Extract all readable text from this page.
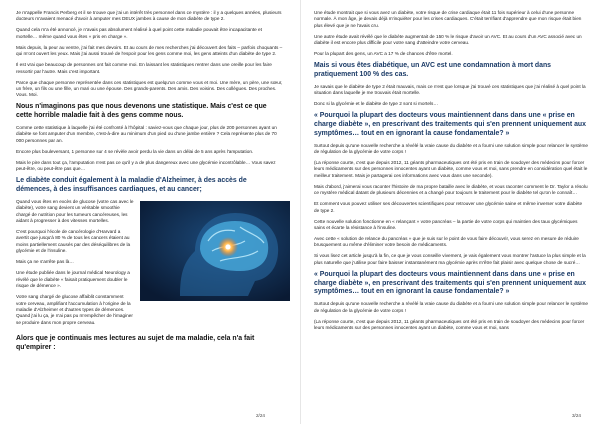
Je m'appelle Francis Perberg et il se trouve que j'ai un intérêt très personnel dans ce mystère : il y a quelques années, plusieurs docteurs m'avaient menacé d'avoir à amputer mes DEUX jambes à cause de mon diabète de type 2.

Quand cela m'a été annoncé, je n'avais pas absolument réalisé à quel point cette maladie pouvait être incapacitante et mortelle… même quand vous êtes « pris en charge ».

Mais depuis, la peur au ventre, j'ai fait mes devoirs. Et au cours de mes recherches j'ai découvert des faits – parfois choquants – qui m'ont ouvert les yeux. Mais j'ai aussi trouvé de l'espoir pour les gens comme moi, les gens atteints d'un diabète de type 2.

Il est vrai que beaucoup de personnes ont fait comme moi. En laissant les statistiques rentrer dans une oreille pour les faire ressortir par l'autre. Mais c'est important.

Parce que chaque personne représentée dans ces statistiques est quelqu'un comme vous et moi. Une mère, un père, une sœur, un frère, un fils ou une fille, un mari ou une épouse. Des grands-parents. Des amis. Des voisins. Des collègues. Des proches. Vous. Moi.

Nous n'imaginons pas que nous devenons une statistique. Mais c'est ce que cette horrible maladie fait à des gens comme nous.

Comme cette statistique à laquelle j'ai été confronté à l'hôpital : saviez-vous que chaque jour, plus de 200 personnes ayant un diabète se font amputer d'un membre, c'est-à-dire au minimum d'un pied ou d'une jambe entière ? Cela représente plus de 70 000 personnes par an.

Encore plus bouleversant, 1 personne sur 4 se révèle avoir perdu la vie dans un délai de 5 ans après l'amputation.

Mais le pire dans tout ça, l'amputation n'est pas ce qu'il y a de plus dangereux avec une glycémie incontrôlable… Vous savez peut-être, ou peut-être pas que…

Le diabète conduit également à la maladie d'Alzheimer, à des accès de démences, à des insuffisances cardiaques, et au cancer;

Quand vous êtes en excès de glucose (votre cas avec le diabète), votre sang devient un véritable smoothie chargé de nutrition pour les tumeurs cancéreuses, les aidant à progresser à des vitesses mortelles.

C'est pourquoi l'école de cancérologie d'Harvard a avertit que jusqu'à 80 % de tous les cancers étaient au moins partiellement causés par des déséquilibres de la glycémie et de l'insuline.

Mais ça ne s'arrête pas là…

Une étude publiée dans le journal médical Neurology a révélé que le diabète « faisait pratiquement doubler le risque de démence ».

Votre sang chargé de glucose affaiblit constamment votre cerveau, amplifiant l'accumulation à l'origine de la maladie d'Alzheimer et d'autres types de démences. Quand j'ai lu ça, je n'ai pas pu m'empêcher de l'imaginer se produire dans mon propre cerveau.

Alors que je continuais mes lectures au sujet de ma maladie, cela n'a fait qu'empirer :
2/24

Une étude montrait que si vous avez un diabète, votre risque de crise cardiaque était 11 fois supérieur à celui d'une personne normale. À mon âge, je devais déjà m'inquiéter pour les crises cardiaques. C'était terrifiant d'apprendre que mon risque était bien plus élevé que je ne l'avais cru.

Une autre étude avait révélé que le diabète augmentait de 150 % le risque d'avoir un AVC. Et au cours d'un AVC associé avec un diabète il est encore plus difficile pour votre sang d'atteindre votre cerveau.

Pour la plupart des gens, un AVC a 17 % de chances d'être mortel.

Mais si vous êtes diabétique, un AVC est une condamnation à mort dans pratiquement 100 % des cas.

Je savais que le diabète de type 2 était mauvais, mais ce n'est que lorsque j'ai trouvé ces statistiques que j'ai réalisé à quel point la situation dans laquelle je me trouvais était mortelle.

Donc si la glycémie et le diabète de type 2 sont si mortels…

« Pourquoi la plupart des docteurs vous maintiennent dans dans une « prise en charge diabète », en prescrivant des traitements qui s'en prennent uniquement aux symptômes… tout en en ignorant la cause fondamentale? »

Surtout depuis qu'une nouvelle recherche a révélé la vraie cause du diabète et a fourni une solution simple pour relancer le système de régulation de la glycémie de votre corps !

(La réponse courte, c'est que depuis 2012, 11 géants pharmaceutiques ont été pris en train de soudoyer des médecins pour forcer leurs médicaments sur des personnes innocentes ayant un diabète, comme vous et moi, sans prendre en considération quel était le meilleur traitement. Mais je partagerai ces informations avec vous dans une seconde).

Mais d'abord, j'aimerai vous raconter l'histoire de ma propre bataille avec le diabète, et vous raconter comment le Dr. Taylor a résolu ce mystère médical datant de plusieurs décennies et a changé pour toujours le traitement pour le diabète tel qu'on le connaît…

Et comment vous pouvez utiliser ses découvertes scientifiques pour retrouver une glycémie saine et même inverser votre diabète de type 2.

Cette nouvelle solution fonctionne en « relançant » votre pancréas – la partie de votre corps qui maintien des taux glycémiques sains et écarte la résistance à l'insuline.

Avec cette « solution de relance du pancréas » que je suis sur le point de vous faire découvrir, vous serez en mesure de réduire brusquement ou même d'éliminer votre besoin de médicaments.

Si vous lisez cet article jusqu'à la fin, ce que je vous conseille vivement, je vais également vous montrer l'astuce la plus simple et la plus naturelle que j'utilise pour faire baisser instantanément ma glycémie après m'être fait plaisir avec quelque chose de sucré…

« Pourquoi la plupart des docteurs vous maintiennent dans dans une « prise en charge diabète », en prescrivant des traitements qui s'en prennent uniquement aux symptômes… tout en en ignorant la cause fondamentale? »

Surtout depuis qu'une nouvelle recherche a révélé la vraie cause du diabète et a fourni une solution simple pour relancer le système de régulation de la glycémie de votre corps !

(La réponse courte, c'est que depuis 2012, 11 géants pharmaceutiques ont été pris en train de soudoyer des médecins pour forcer leurs médicaments sur des personnes innocentes ayant un diabète, comme vous et moi, sans

3/24
